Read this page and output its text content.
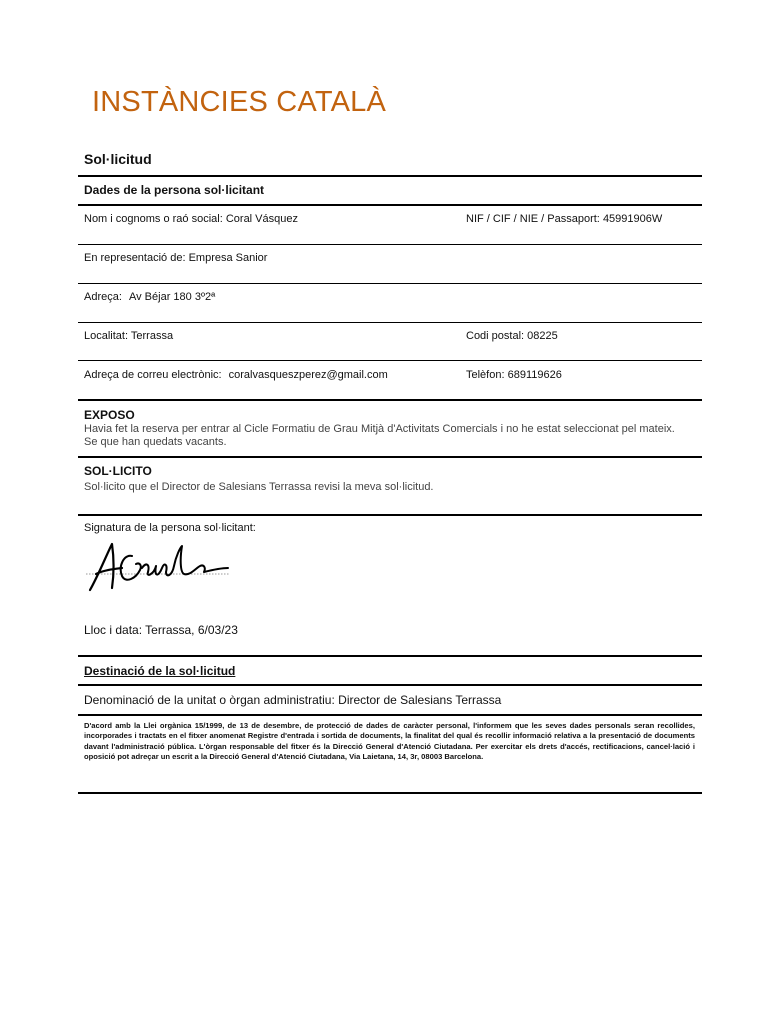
INSTÀNCIES CATALÀ
Sol·licitud
Dades de la persona sol·licitant
Nom i cognoms o raó social: Coral Vásquez	NIF / CIF / NIE / Passaport: 45991906W
En representació de: Empresa Sanior
Adreça: Av Béjar 180 3º2ª
Localitat: Terrassa	Codi postal: 08225
Adreça de correu electrònic: coralvasqueszperez@gmail.com	Telèfon: 689119626
EXPOSO
Havia fet la reserva per entrar al Cicle Formatiu de Grau Mitjà d'Activitats Comercials i no he estat seleccionat pel mateix. Se que han quedats vacants.
SOL·LICITO
Sol·licito que el Director de Salesians Terrassa revisi la meva sol·licitud.
Signatura de la persona sol·licitant:
Lloc i data: Terrassa, 6/03/23
Destinació de la sol·licitud
Denominació de la unitat o òrgan administratiu: Director de Salesians Terrassa
D'acord amb la Llei orgànica 15/1999, de 13 de desembre, de protecció de dades de caràcter personal, l'informem que les seves dades personals seran recollides, incorporades i tractats en el fitxer anomenat Registre d'entrada i sortida de documents, la finalitat del qual és recollir informació relativa a la presentació de documents davant l'administració pública. L'òrgan responsable del fitxer és la Direcció General d'Atenció Ciutadana. Per exercitar els drets d'accés, rectificacions, cancel·lació i oposició pot adreçar un escrit a la Direcció General d'Atenció Ciutadana, Via Laietana, 14, 3r, 08003 Barcelona.
